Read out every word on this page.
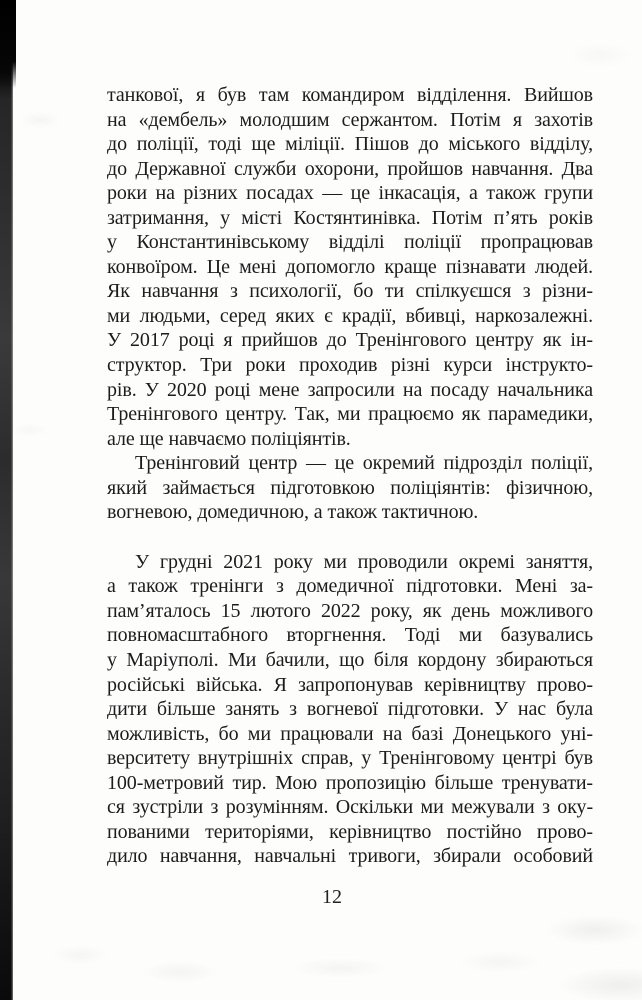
танкової, я був там командиром відділення. Вийшов
на «дембель» молодшим сержантом. Потім я захотів
до поліції, тоді ще міліції. Пішов до міського відділу,
до Державної служби охорони, пройшов навчання. Два
роки на різних посадах — це інкасація, а також групи
затримання, у місті Костянтинівка. Потім п’ять років
у Константинівському відділі поліції пропрацював
конвоїром. Це мені допомогло краще пізнавати людей.
Як навчання з психології, бо ти спілкуєшся з різни-
ми людьми, серед яких є крадії, вбивці, наркозалежні.
У 2017 році я прийшов до Тренінгового центру як ін-
структор. Три роки проходив різні курси інструкто-
рів. У 2020 році мене запросили на посаду начальника
Тренінгового центру. Так, ми працюємо як парамедики,
але ще навчаємо поліціянтів.
Тренінговий центр — це окремий підрозділ поліції,
який займається підготовкою поліціянтів: фізичною,
вогневою, домедичною, а також тактичною.
У грудні 2021 року ми проводили окремі заняття,
а також тренінги з домедичної підготовки. Мені за-
пам’яталось 15 лютого 2022 року, як день можливого
повномасштабного вторгнення. Тоді ми базувались
у Маріуполі. Ми бачили, що біля кордону збираються
російські війська. Я запропонував керівництву прово-
дити більше занять з вогневої підготовки. У нас була
можливість, бо ми працювали на базі Донецького уні-
верситету внутрішніх справ, у Тренінговому центрі був
100-метровий тир. Мою пропозицію більше тренувати-
ся зустріли з розумінням. Оскільки ми межували з оку-
пованими територіями, керівництво постійно прово-
дило навчання, навчальні тривоги, збирали особовий
12
